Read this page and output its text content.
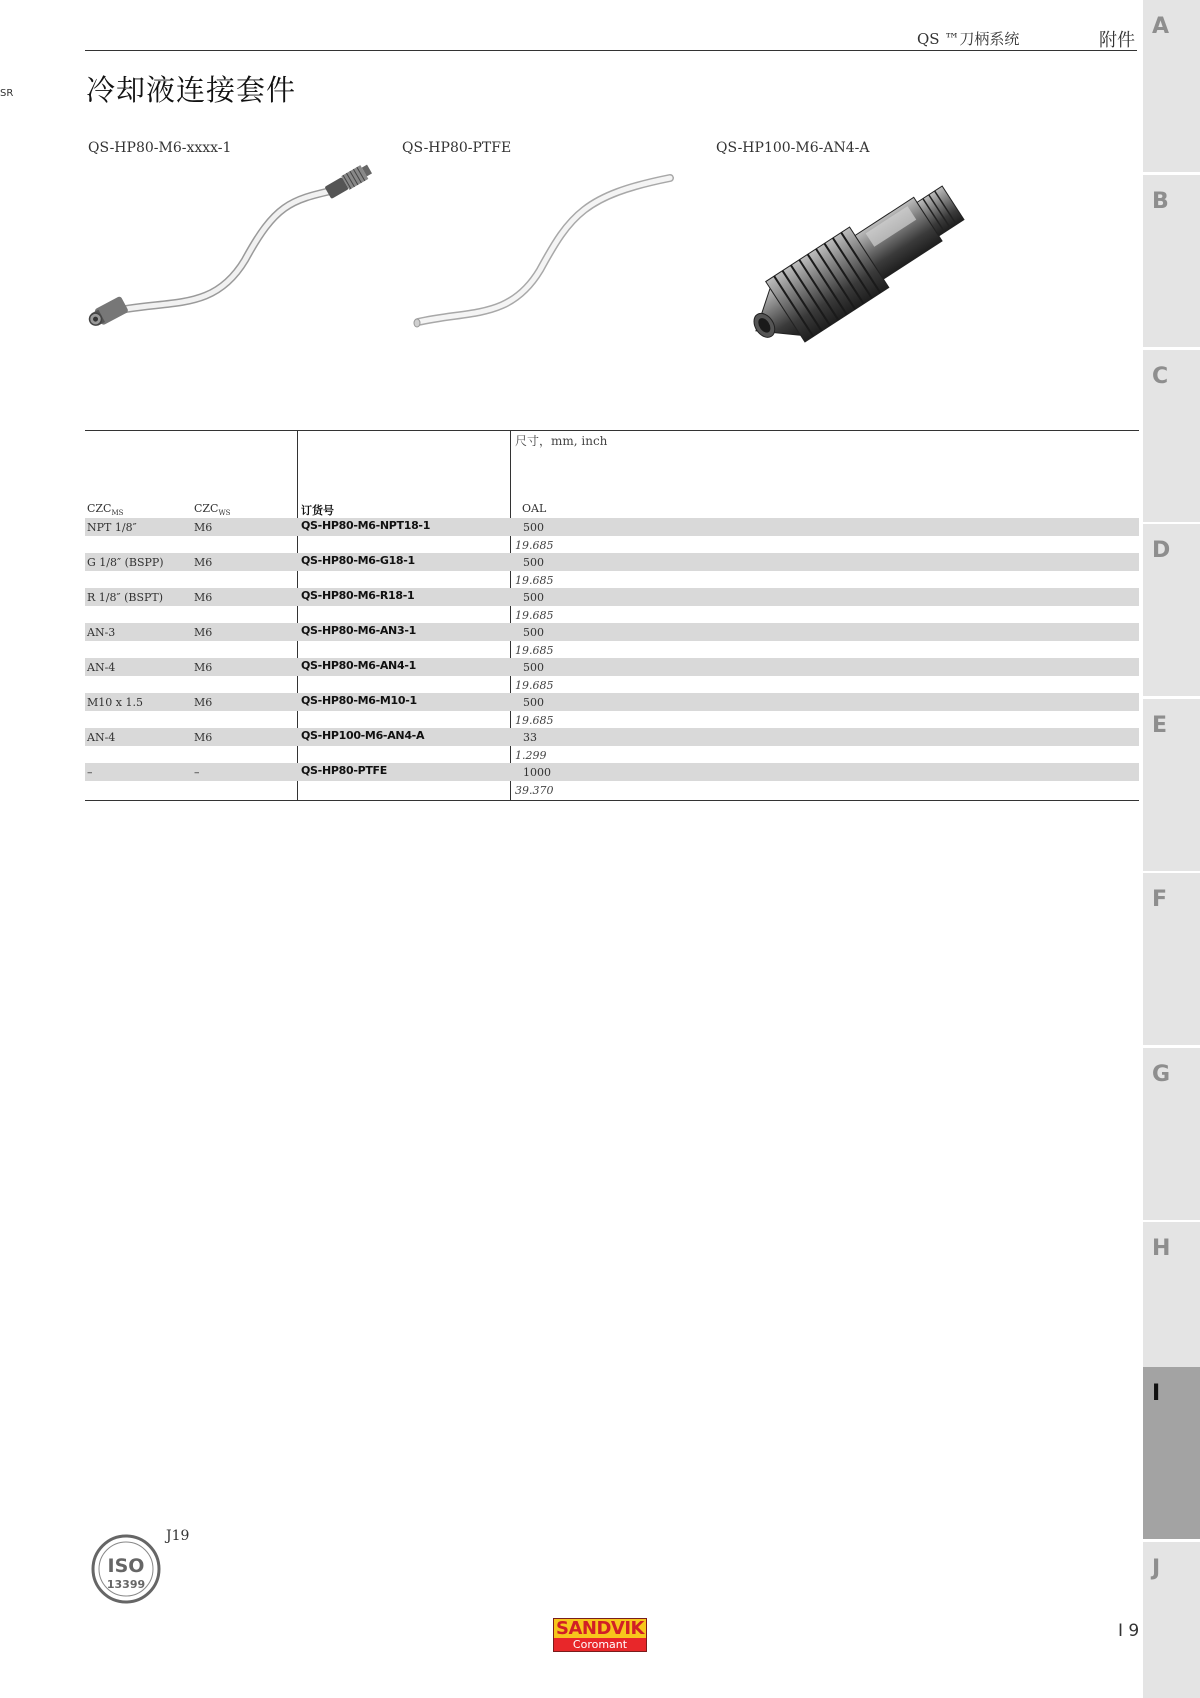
QS ™刀柄系统	附件
SR	冷却液连接套件
QS-HP80-M6-xxxx-1	QS-HP80-PTFE	QS-HP100-M6-AN4-A
尺寸，mm, inch
$CZC_{MS}$	$CZC_{WS}$	订货号	OAL
NPT 1/8″	M6	QS-HP80-M6-NPT18-1	500
19.685
G 1/8″ (BSPP)	M6	QS-HP80-M6-G18-1	500
19.685
R 1/8″ (BSPT)	M6	QS-HP80-M6-R18-1	500
19.685
AN-3	M6	QS-HP80-M6-AN3-1	500
19.685
AN-4	M6	QS-HP80-M6-AN4-1	500
19.685
M10 x 1.5	M6	QS-HP80-M6-M10-1	500
19.685
AN-4	M6	QS-HP100-M6-AN4-A	33
1.299
–	–	QS-HP80-PTFE	1000
39.370
A
B
C
D
E
F
G
H
I
J
ISO
13399
J19
SANDVIK
Coromant
I 9
